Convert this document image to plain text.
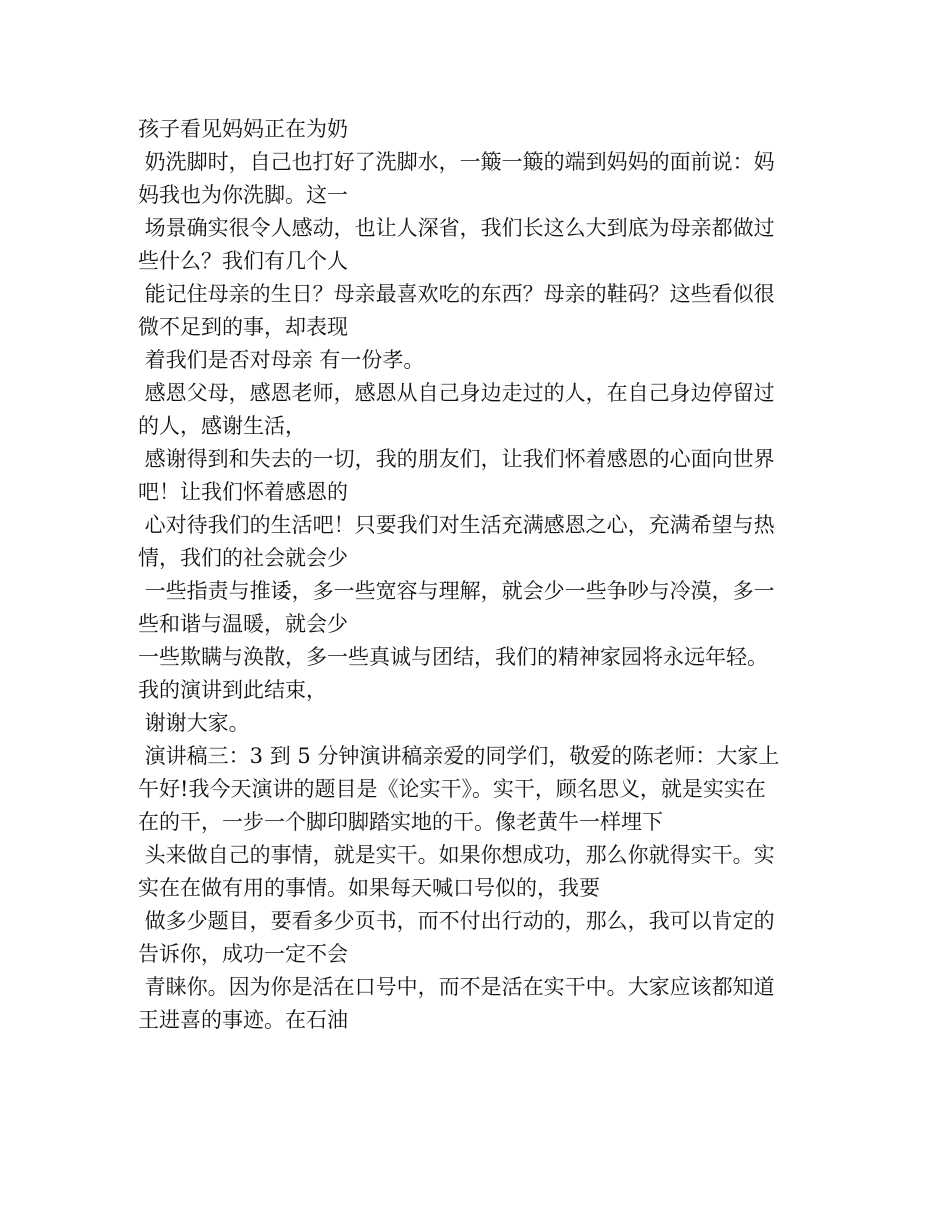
孩子看见妈妈正在为奶
奶洗脚时，自己也打好了洗脚水，一簸一簸的端到妈妈的面前说：妈
妈我也为你洗脚。这一
场景确实很令人感动，也让人深省，我们长这么大到底为母亲都做过
些什么？我们有几个人
能记住母亲的生日？母亲最喜欢吃的东西？母亲的鞋码？这些看似很
微不足到的事，却表现
着我们是否对母亲 有一份孝。
感恩父母，感恩老师，感恩从自己身边走过的人，在自己身边停留过
的人，感谢生活，
感谢得到和失去的一切，我的朋友们，让我们怀着感恩的心面向世界
吧！让我们怀着感恩的
心对待我们的生活吧！只要我们对生活充满感恩之心，充满希望与热
情，我们的社会就会少
一些指责与推诿，多一些宽容与理解，就会少一些争吵与冷漠，多一
些和谐与温暖，就会少
一些欺瞒与涣散，多一些真诚与团结，我们的精神家园将永远年轻。
我的演讲到此结束，
谢谢大家。
演讲稿三：3 到 5 分钟演讲稿亲爱的同学们，敬爱的陈老师：大家上
午好!我今天演讲的题目是《论实干》。实干，顾名思义，就是实实在
在的干，一步一个脚印脚踏实地的干。像老黄牛一样埋下
头来做自己的事情，就是实干。如果你想成功，那么你就得实干。实
实在在做有用的事情。如果每天喊口号似的，我要
做多少题目，要看多少页书，而不付出行动的，那么，我可以肯定的
告诉你，成功一定不会
青睐你。因为你是活在口号中，而不是活在实干中。大家应该都知道
王进喜的事迹。在石油
